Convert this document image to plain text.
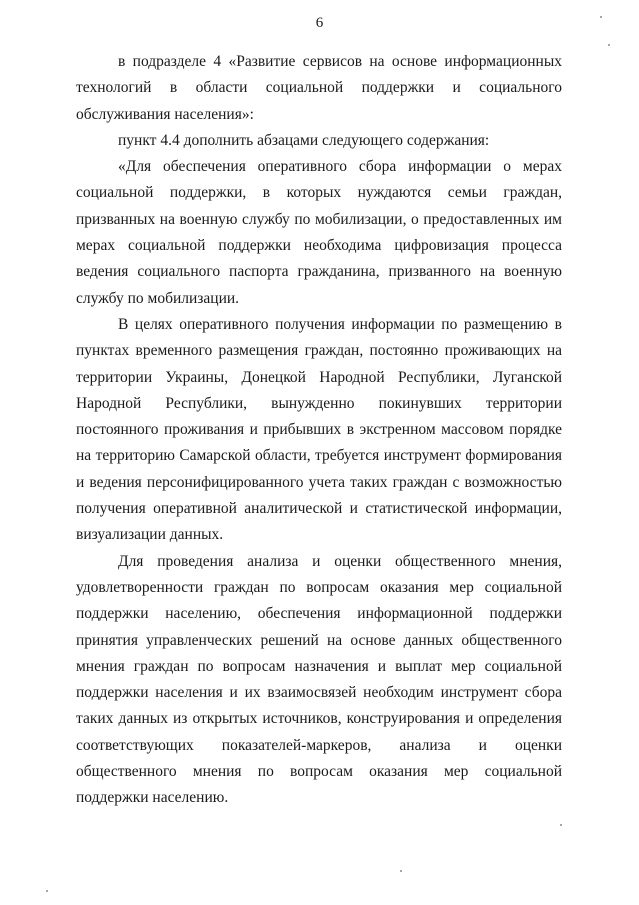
6

в подразделе 4 «Развитие сервисов на основе информационных технологий в области социальной поддержки и социального обслуживания населения»:

пункт 4.4 дополнить абзацами следующего содержания:

«Для обеспечения оперативного сбора информации о мерах социальной поддержки, в которых нуждаются семьи граждан, призванных на военную службу по мобилизации, о предоставленных им мерах социальной поддержки необходима цифровизация процесса ведения социального паспорта гражданина, призванного на военную службу по мобилизации.

В целях оперативного получения информации по размещению в пунктах временного размещения граждан, постоянно проживающих на территории Украины, Донецкой Народной Республики, Луганской Народной Республики, вынужденно покинувших территории постоянного проживания и прибывших в экстренном массовом порядке на территорию Самарской области, требуется инструмент формирования и ведения персонифицированного учета таких граждан с возможностью получения оперативной аналитической и статистической информации, визуализации данных.

Для проведения анализа и оценки общественного мнения, удовлетворенности граждан по вопросам оказания мер социальной поддержки населению, обеспечения информационной поддержки принятия управленческих решений на основе данных общественного мнения граждан по вопросам назначения и выплат мер социальной поддержки населения и их взаимосвязей необходим инструмент сбора таких данных из открытых источников, конструирования и определения соответствующих показателей-маркеров, анализа и оценки общественного мнения по вопросам оказания мер социальной поддержки населению.
